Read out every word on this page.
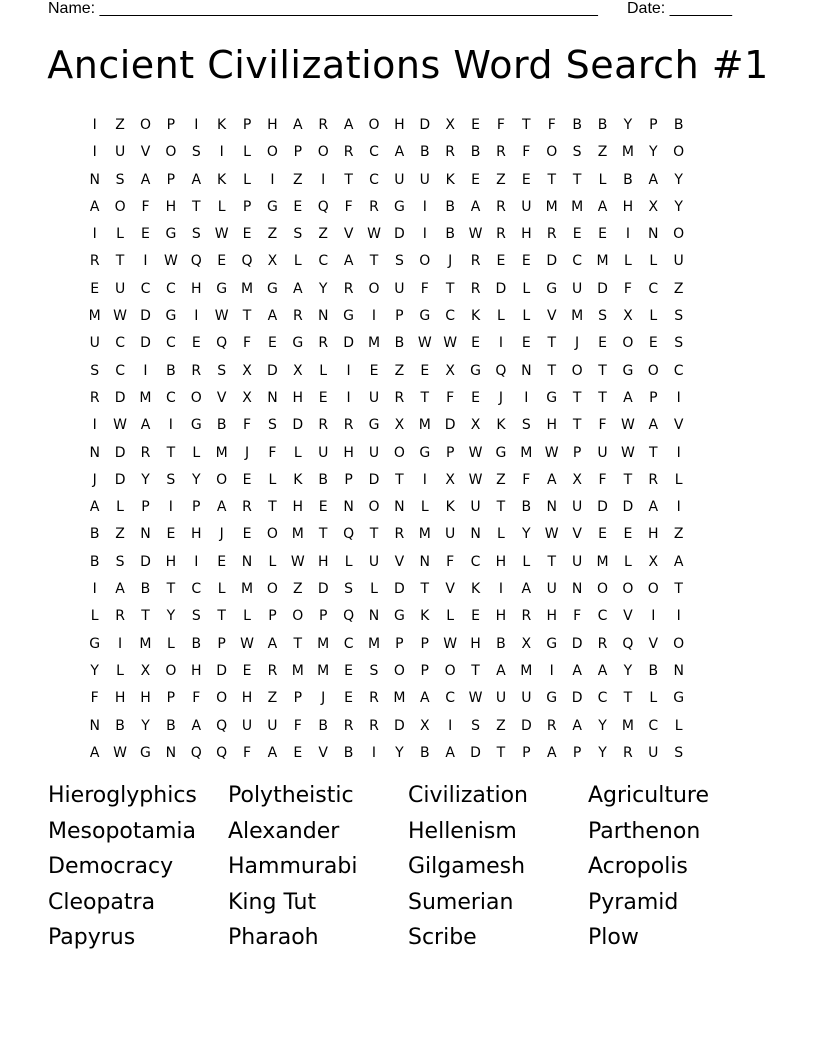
Name: ________________________________________________________ Date: _______
Ancient Civilizations Word Search #1
I	Z	O	P	I	K	P	H	A	R	A	O	H	D	X	E	F	T	F	B	B	Y	P	B
I	U	V	O	S	I	L	O	P	O	R	C	A	B	R	B	R	F	O	S	Z	M	Y	O
N	S	A	P	A	K	L	I	Z	I	T	C	U	U	K	E	Z	E	T	T	L	B	A	Y
A	O	F	H	T	L	P	G	E	Q	F	R	G	I	B	A	R	U	M M	A	H	X	Y
I	L	E	G	S	W	E	Z	S	Z	V W D	I	B W R	H	R	E	E	I	N	O
R	T	I	W Q	E	Q	X	L	C	A	T	S	O	J	R	E	E	D	C	M	L	L	U
E	U	C	C	H	G M G	A	Y	R	O	U	F	T	R	D	L	G	U	D	F	C	Z
M W D	G	I	W	T	A	R	N	G	I	P	G	C	K	L	L	V	M	S	X	L	S
U	C	D	C	E	Q	F	E	G	R	D M	B W W	E	I	E	T	J	E	O	E	S
S	C	I	B	R	S	X	D	X	L	I	E	Z	E	X	G	Q	N	T	O	T	G	O	C
R	D M	C	O	V	X	N	H	E	I	U	R	T	F	E	J	I	G	T	T	A	P	I
I	W A	I	G	B	F	S	D	R	R	G	X	M D	X	K	S	H	T	F	W A	V
N	D	R	T	L	M	J	F	L	U	H	U	O	G	P	W G M W	P	U W	T	I
J	D	Y	S	Y	O	E	L	K	B	P	D	T	I	X W Z	F	A	X	F	T	R	L
A	L	P	I	P	A	R	T	H	E	N	O	N	L	K	U	T	B	N	U	D	D	A	I
B	Z	N	E	H	J	E	O M	T	Q	T	R	M	U	N	L	Y	W V	E	E	H	Z
B	S	D	H	I	E	N	L	W H	L	U	V	N	F	C	H	L	T	U	M	L	X	A
I	A	B	T	C	L	M O	Z	D	S	L	D	T	V	K	I	A	U	N	O	O	O	T
L	R	T	Y	S	T	L	P	O	P	Q	N	G	K	L	E	H	R	H	F	C	V	I	I
G	I	M	L	B	P	W A	T	M	C	M	P	P	W H	B	X	G	D	R	Q	V	O
Y	L	X	O	H	D	E	R	M M	E	S	O	P	O	T	A	M	I	A	A	Y	B	N
F	H	H	P	F	O	H	Z	P	J	E	R	M	A	C W U	U	G	D	C	T	L	G
N	B	Y	B	A	Q	U	U	F	B	R	R	D	X	I	S	Z	D	R	A	Y	M	C	L
A W G	N	Q	Q	F	A	E	V	B	I	Y	B	A	D	T	P	A	P	Y	R	U	S
Hieroglyphics	Polytheistic	Civilization	Agriculture
Mesopotamia	Alexander	Hellenism	Parthenon
Democracy	Hammurabi	Gilgamesh	Acropolis
Cleopatra	King Tut	Sumerian	Pyramid
Papyrus	Pharaoh	Scribe	Plow
